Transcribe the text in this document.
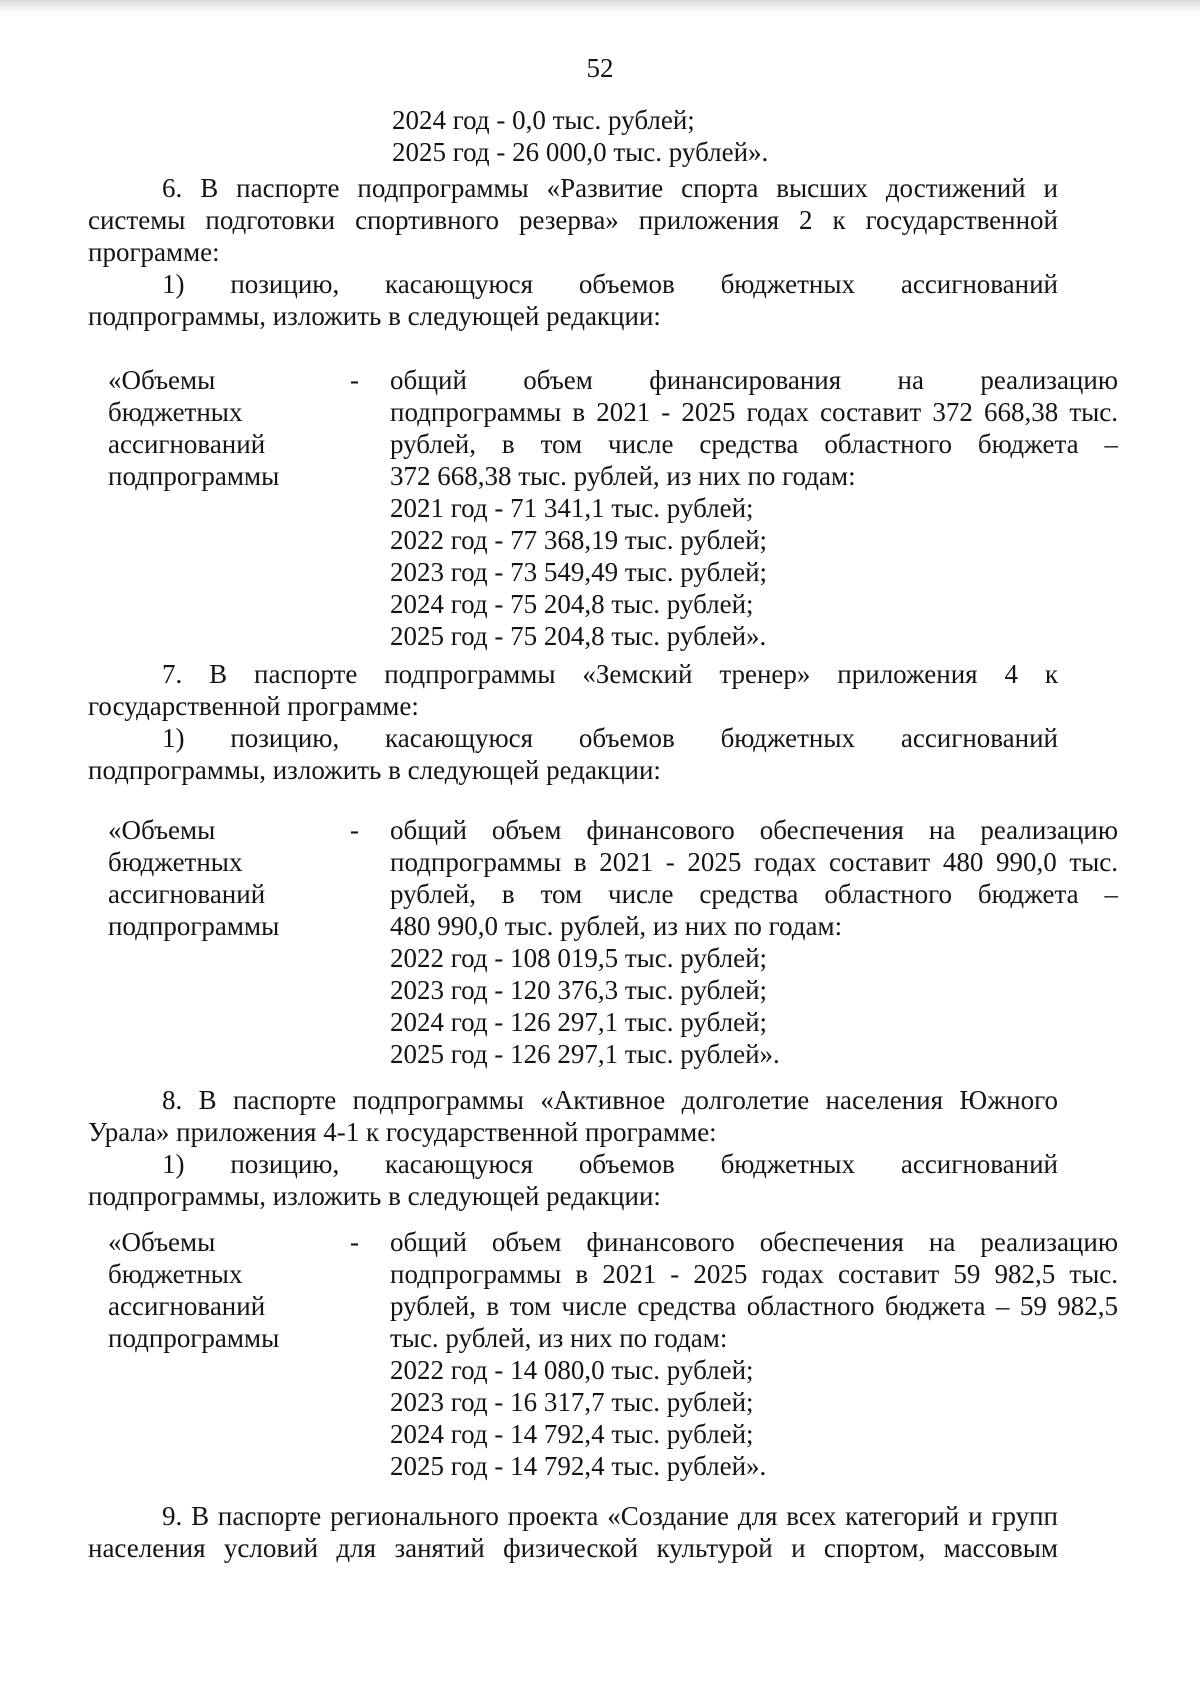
52
2024 год - 0,0 тыс. рублей;
2025 год - 26 000,0 тыс. рублей».
6. В паспорте подпрограммы «Развитие спорта высших достижений и
системы подготовки спортивного резерва» приложения 2 к государственной
программе:
1) позицию, касающуюся объемов бюджетных ассигнований
подпрограммы, изложить в следующей редакции:
«Объемы
бюджетных
ассигнований
подпрограммы
- общий объем финансирования на реализацию
подпрограммы в 2021 - 2025 годах составит 372 668,38 тыс.
рублей, в том числе средства областного бюджета –
372 668,38 тыс. рублей, из них по годам:
2021 год - 71 341,1 тыс. рублей;
2022 год - 77 368,19 тыс. рублей;
2023 год - 73 549,49 тыс. рублей;
2024 год - 75 204,8 тыс. рублей;
2025 год - 75 204,8 тыс. рублей».
7. В паспорте подпрограммы «Земский тренер» приложения 4 к
государственной программе:
1) позицию, касающуюся объемов бюджетных ассигнований
подпрограммы, изложить в следующей редакции:
«Объемы
бюджетных
ассигнований
подпрограммы
- общий объем финансового обеспечения на реализацию
подпрограммы в 2021 - 2025 годах составит 480 990,0 тыс.
рублей, в том числе средства областного бюджета –
480 990,0 тыс. рублей, из них по годам:
2022 год - 108 019,5 тыс. рублей;
2023 год - 120 376,3 тыс. рублей;
2024 год - 126 297,1 тыс. рублей;
2025 год - 126 297,1 тыс. рублей».
8. В паспорте подпрограммы «Активное долголетие населения Южного
Урала» приложения 4-1 к государственной программе:
1) позицию, касающуюся объемов бюджетных ассигнований
подпрограммы, изложить в следующей редакции:
«Объемы
бюджетных
ассигнований
подпрограммы
- общий объем финансового обеспечения на реализацию
подпрограммы в 2021 - 2025 годах составит 59 982,5 тыс.
рублей, в том числе средства областного бюджета – 59 982,5
тыс. рублей, из них по годам:
2022 год - 14 080,0 тыс. рублей;
2023 год - 16 317,7 тыс. рублей;
2024 год - 14 792,4 тыс. рублей;
2025 год - 14 792,4 тыс. рублей».
9. В паспорте регионального проекта «Создание для всех категорий и групп
населения условий для занятий физической культурой и спортом, массовым
